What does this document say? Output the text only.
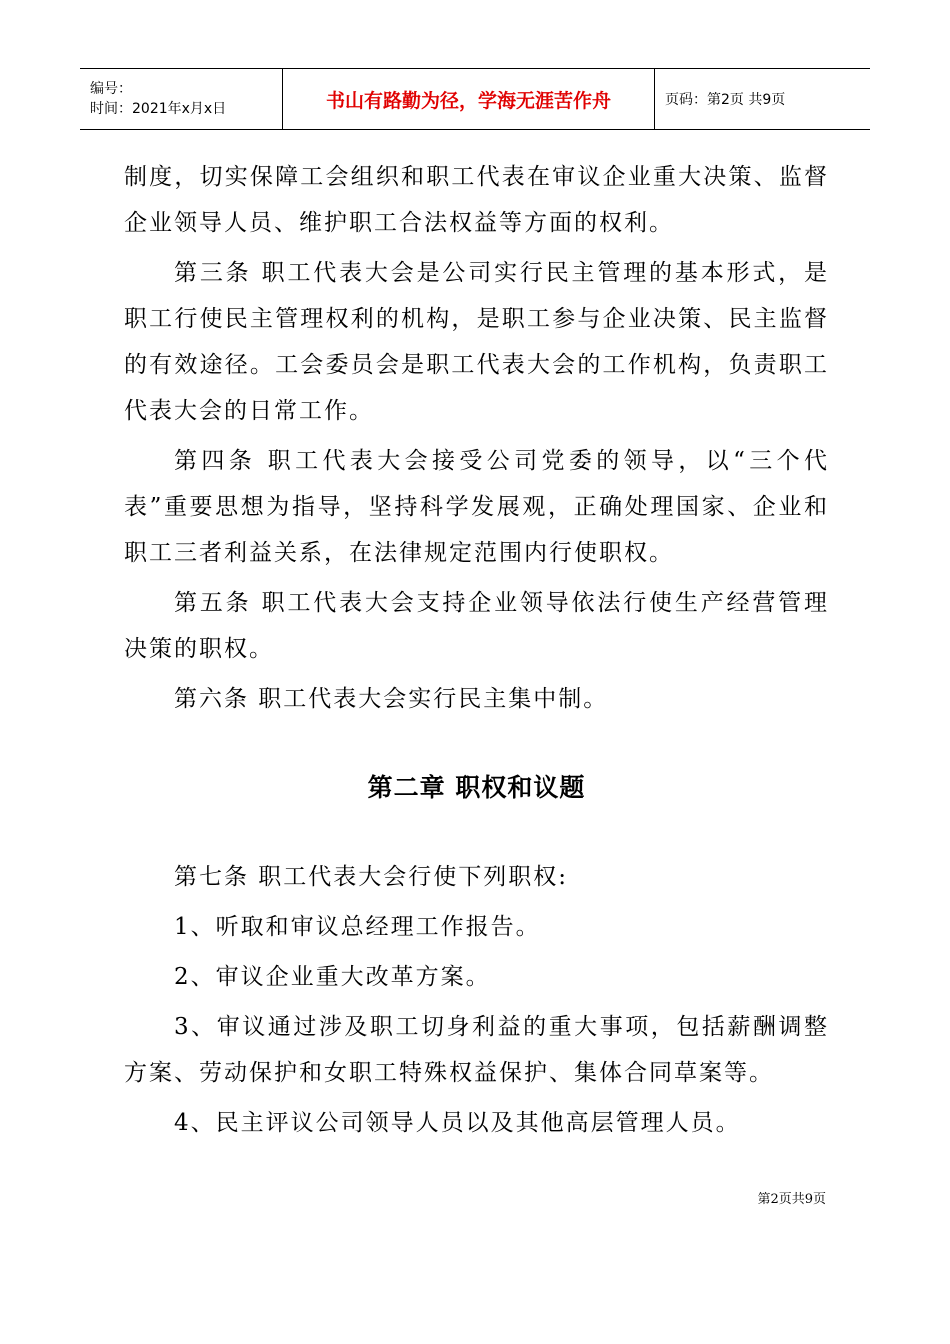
编号：
时间：2021年x月x日	书山有路勤为径，学海无涯苦作舟	页码：第2页 共9页

制度，切实保障工会组织和职工代表在审议企业重大决策、监督企业领导人员、维护职工合法权益等方面的权利。

第三条 职工代表大会是公司实行民主管理的基本形式，是职工行使民主管理权利的机构，是职工参与企业决策、民主监督的有效途径。工会委员会是职工代表大会的工作机构，负责职工代表大会的日常工作。

第四条 职工代表大会接受公司党委的领导，以“三个代表”重要思想为指导，坚持科学发展观，正确处理国家、企业和职工三者利益关系，在法律规定范围内行使职权。

第五条 职工代表大会支持企业领导依法行使生产经营管理决策的职权。

第六条 职工代表大会实行民主集中制。

第二章 职权和议题

第七条 职工代表大会行使下列职权:

1、听取和审议总经理工作报告。

2、审议企业重大改革方案。

3、审议通过涉及职工切身利益的重大事项，包括薪酬调整方案、劳动保护和女职工特殊权益保护、集体合同草案等。

4、民主评议公司领导人员以及其他高层管理人员。

第2页共9页
